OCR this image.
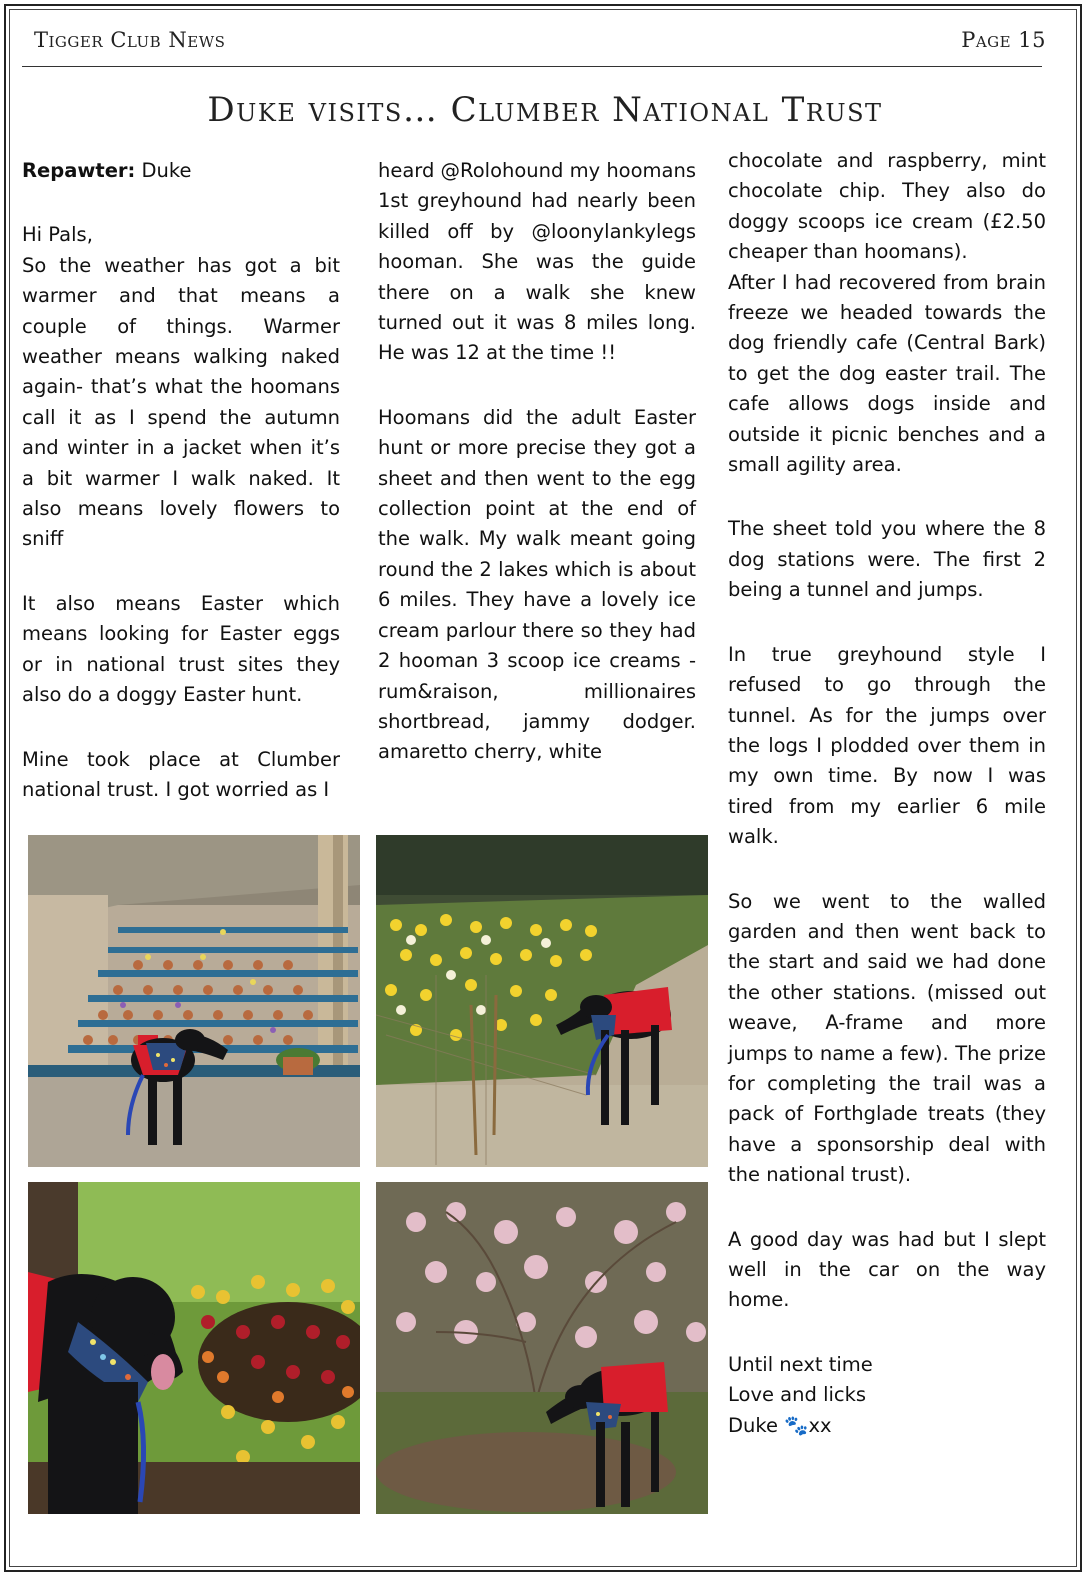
Tigger Club News	Page 15
Duke visits… Clumber National Trust

Repawter: Duke

Hi Pals,

So the weather has got a bit warmer and that means a couple of things. Warmer weather means walking naked again- that’s what the hoomans call it as I spend the autumn and winter in a jacket when it’s a bit warmer I walk naked. It also means lovely flowers to sniff

It also means Easter which means looking for Easter eggs or in national trust sites they also do a doggy Easter hunt.

Mine took place at Clumber national trust. I got worried as I

heard @Rolohound my hoomans 1st greyhound had nearly been killed off by @loonylankylegs hooman. She was the guide there on a walk she knew turned out it was 8 miles long. He was 12 at the time !!

Hoomans did the adult Easter hunt or more precise they got a sheet and then went to the egg collection point at the end of the walk. My walk meant going round the 2 lakes which is about 6 miles. They have a lovely ice cream parlour there so they had 2 hooman 3 scoop ice creams - rum&raison, millionaires shortbread, jammy dodger. amaretto cherry, white

chocolate and raspberry, mint chocolate chip. They also do doggy scoops ice cream (£2.50 cheaper than hoomans).

After I had recovered from brain freeze we headed towards the dog friendly cafe (Central Bark) to get the dog easter trail. The cafe allows dogs inside and outside it picnic benches and a small agility area.

The sheet told you where the 8 dog stations were. The first 2 being a tunnel and jumps.

In true greyhound style I refused to go through the tunnel. As for the jumps over the logs I plodded over them in my own time. By now I was tired from my earlier 6 mile walk.

So we went to the walled garden and then went back to the start and said we had done the other stations. (missed out weave, A-frame and more jumps to name a few). The prize for completing the trail was a pack of Forthglade treats (they have a sponsorship deal with the national trust).

A good day was had but I slept well in the car on the way home.

Until next time

Love and licks

Duke 🐾xx
